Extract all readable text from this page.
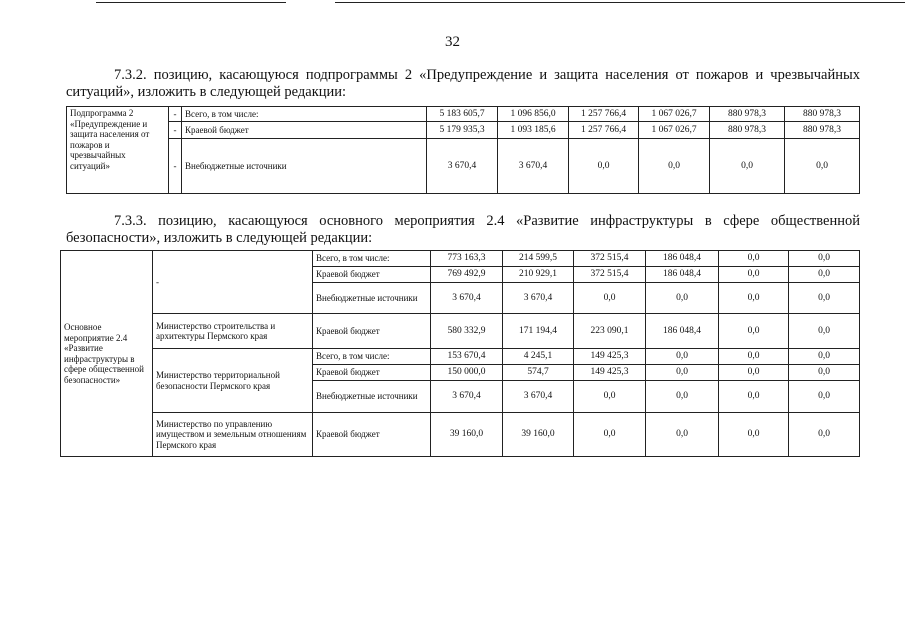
32
7.3.2. позицию, касающуюся подпрограммы 2 «Предупреждение и защита населения от пожаров и чрезвычайных ситуаций», изложить в следующей редакции:
Подпрограмма 2 «Предупреждение и защита населения от пожаров и чрезвычайных ситуаций»	-	Всего, в том числе:	5 183 605,7	1 096 856,0	1 257 766,4	1 067 026,7	880 978,3	880 978,3
	-	Краевой бюджет	5 179 935,3	1 093 185,6	1 257 766,4	1 067 026,7	880 978,3	880 978,3
	-	Внебюджетные источники	3 670,4	3 670,4	0,0	0,0	0,0	0,0
7.3.3. позицию, касающуюся основного мероприятия 2.4 «Развитие инфраструктуры в сфере общественной безопасности», изложить в следующей редакции:
Основное мероприятие 2.4 «Развитие инфраструктуры в сфере общественной безопасности»	-	Всего, в том числе:	773 163,3	214 599,5	372 515,4	186 048,4	0,0	0,0
		Краевой бюджет	769 492,9	210 929,1	372 515,4	186 048,4	0,0	0,0
		Внебюджетные источники	3 670,4	3 670,4	0,0	0,0	0,0	0,0
	Министерство строительства и архитектуры Пермского края	Краевой бюджет	580 332,9	171 194,4	223 090,1	186 048,4	0,0	0,0
	Министерство территориальной безопасности Пермского края	Всего, в том числе:	153 670,4	4 245,1	149 425,3	0,0	0,0	0,0
		Краевой бюджет	150 000,0	574,7	149 425,3	0,0	0,0	0,0
		Внебюджетные источники	3 670,4	3 670,4	0,0	0,0	0,0	0,0
	Министерство по управлению имуществом и земельным отношениям Пермского края	Краевой бюджет	39 160,0	39 160,0	0,0	0,0	0,0	0,0
